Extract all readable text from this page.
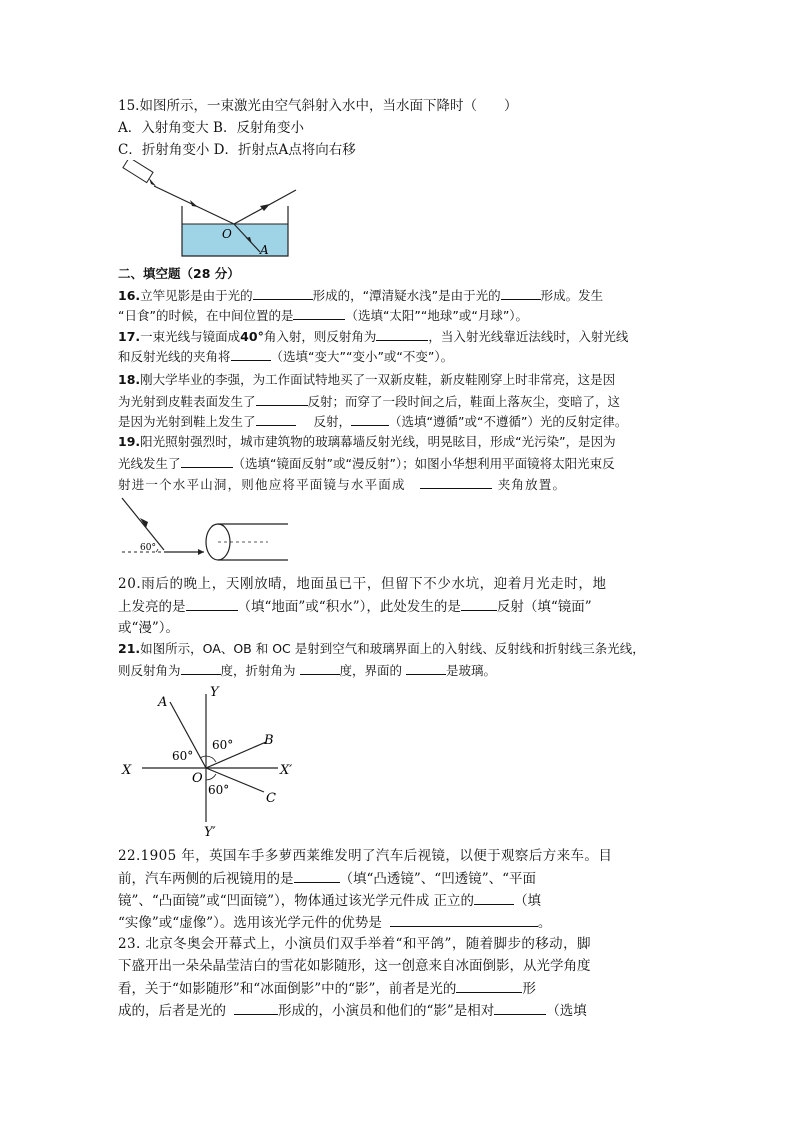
15.如图所示，一束激光由空气斜射入水中，当水面下降时（　　）
A．入射角变大 B．反射角变小
C．折射角变小 D．折射点A点将向右移
O
A
二、填空题（28 分）
16.立竿见影是由于光的	形成的，“潭清疑水浅”是由于光的	形成。发生
“日食”的时候，在中间位置的是	（选填“太阳”“地球”或“月球”）。
17.一束光线与镜面成40°角入射，则反射角为	，当入射光线靠近法线时，入射光线
和反射光线的夹角将	（选填“变大”“变小”或“不变”）。
18.刚大学毕业的李强，为工作面试特地买了一双新皮鞋，新皮鞋刚穿上时非常亮，这是因
为光射到皮鞋表面发生了	反射；而穿了一段时间之后，鞋面上落灰尘，变暗了，这
是因为光射到鞋上发生了	反射，	（选填“遵循”或“不遵循”）光的反射定律。
19.阳光照射强烈时，城市建筑物的玻璃幕墙反射光线，明晃眩目，形成“光污染”，是因为
光线发生了	（选填“镜面反射”或“漫反射”）；如图小华想利用平面镜将太阳光束反
射进一个水平山洞，则他应将平面镜与水平面成	夹角放置。
60°
20.雨后的晚上，天刚放晴，地面虽已干，但留下不少水坑，迎着月光走时，地
上发亮的是	（填“地面”或“积水”），此处发生的是	反射（填“镜面”
或“漫”）。
21.如图所示，OA、OB 和 OC 是射到空气和玻璃界面上的入射线、反射线和折射线三条光线，
则反射角为	度，折射角为	度，界面的	是玻璃。
A
Y
B
X	X′
O
C
Y′
60°
60°
60°
22.1905 年，英国车手多萝西莱维发明了汽车后视镜，以便于观察后方来车。目
前，汽车两侧的后视镜用的是	（填“凸透镜”、“凹透镜”、“平面
镜”、“凸面镜”或“凹面镜”），物体通过该光学元件成 正立的	（填
“实像”或“虚像”）。选用该光学元件的优势是	。
23. 北京冬奥会开幕式上，小演员们双手举着“和平鸽”，随着脚步的移动，脚
下盛开出一朵朵晶莹洁白的雪花如影随形，这一创意来自冰面倒影，从光学角度
看，关于“如影随形”和“冰面倒影”中的“影”，前者是光的	形
成的，后者是光的	形成的，小演员和他们的“影”是相对	（选填
